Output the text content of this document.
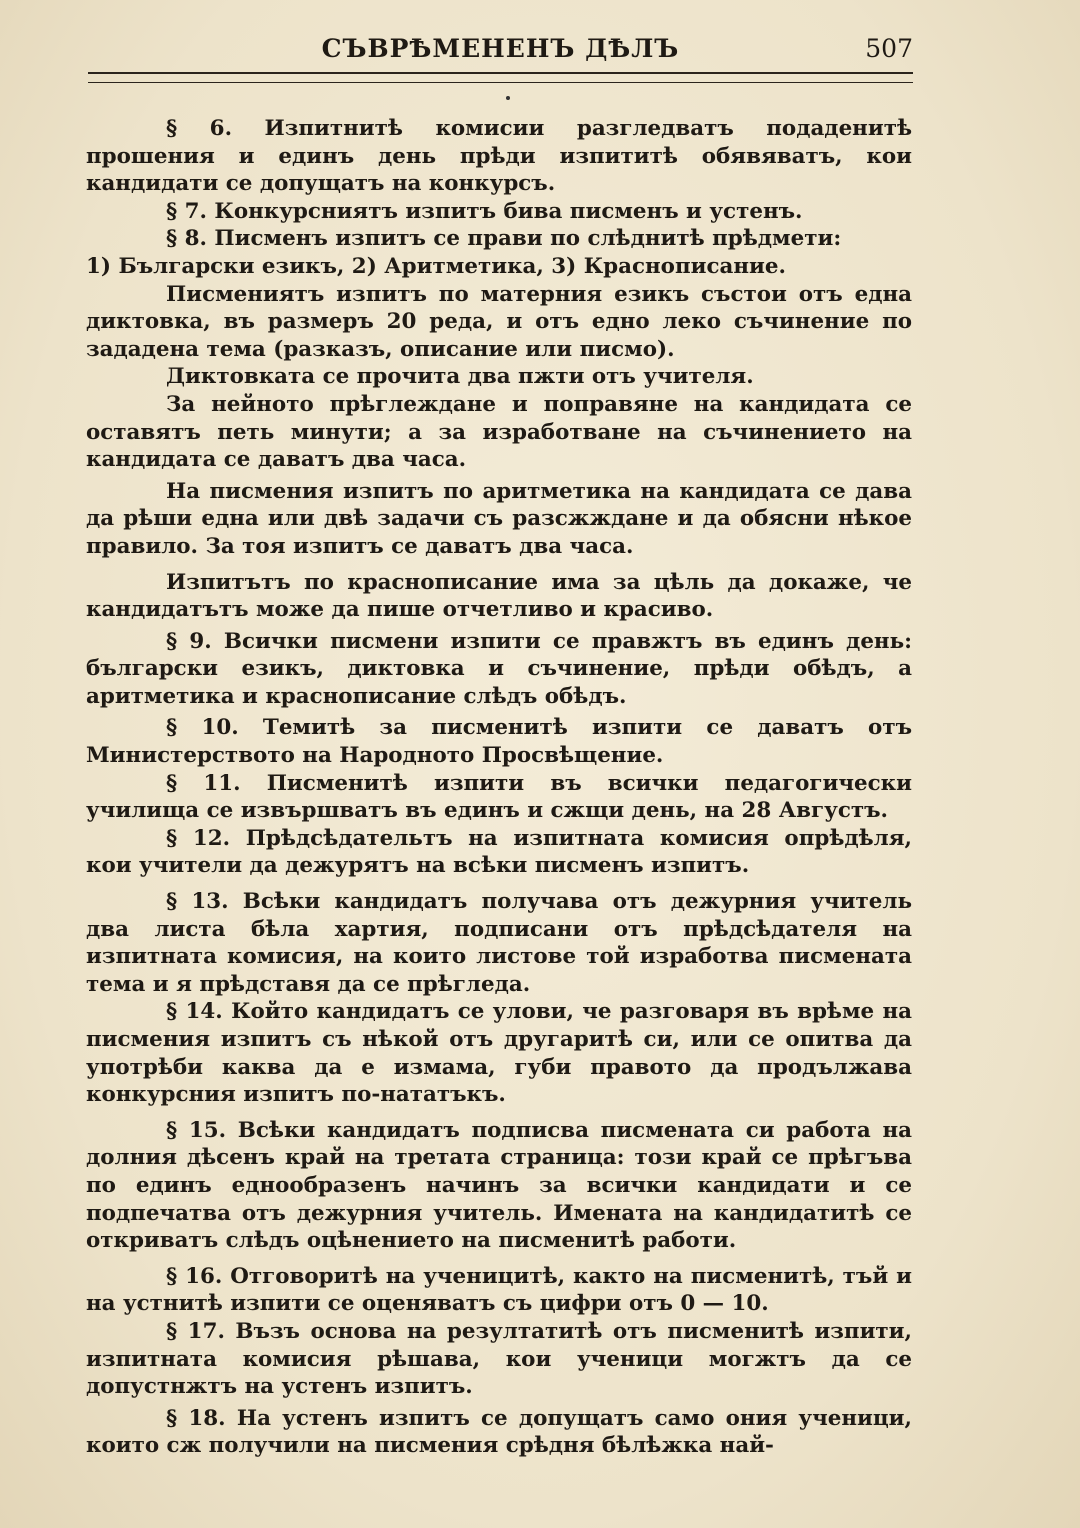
СЪВРѢМЕНЕНЪ ДѢЛЪ	507

§ 6. Изпитнитѣ комисии разгледватъ подаденитѣ прошения и единъ день прѣди изпититѣ обявяватъ, кои кандидати се допущатъ на конкурсъ.

§ 7. Конкурсниятъ изпитъ бива писменъ и устенъ.

§ 8. Писменъ изпитъ се прави по слѣднитѣ прѣдмети:

1) Български езикъ, 2) Аритметика, 3) Краснописание.

Писмениятъ изпитъ по матерния езикъ състои отъ една диктовка, въ размеръ 20 реда, и отъ едно леко съчинение по зададена тема (разказъ, описание или писмо).

Диктовката се прочита два пжти отъ учителя.

За нейното прѣглеждане и поправяне на кандидата се оставятъ петь минути; а за изработване на съчинението на кандидата се даватъ два часа.

На писмения изпитъ по аритметика на кандидата се дава да рѣши една или двѣ задачи съ разсжждане и да обясни нѣкое правило. За тоя изпитъ се даватъ два часа.

Изпитътъ по краснописание има за цѣль да докаже, че кандидатътъ може да пише отчетливо и красиво.

§ 9. Всички писмени изпити се правжтъ въ единъ день: български езикъ, диктовка и съчинение, прѣди обѣдъ, а аритметика и краснописание слѣдъ обѣдъ.

§ 10. Темитѣ за писменитѣ изпити се даватъ отъ Министерството на Народното Просвѣщение.

§ 11. Писменитѣ изпити въ всички педагогически училища се извършватъ въ единъ и сжщи день, на 28 Августъ.

§ 12. Прѣдсѣдательтъ на изпитната комисия опрѣдѣля, кои учители да дежурятъ на всѣки писменъ изпитъ.

§ 13. Всѣки кандидатъ получава отъ дежурния учитель два листа бѣла хартия, подписани отъ прѣдсѣдателя на изпитната комисия, на които листове той изработва писмената тема и я прѣдставя да се прѣгледа.

§ 14. Който кандидатъ се улови, че разговаря въ врѣме на писмения изпитъ съ нѣкой отъ другаритѣ си, или се опитва да употрѣби каква да е измама, губи правото да продължава конкурсния изпитъ по-нататъкъ.

§ 15. Всѣки кандидатъ подписва писмената си работа на долния дѣсенъ край на третата страница: този край се прѣгъва по единъ еднообразенъ начинъ за всички кандидати и се подпечатва отъ дежурния учитель. Имената на кандидатитѣ се откриватъ слѣдъ оцѣнението на писменитѣ работи.

§ 16. Отговоритѣ на ученицитѣ, както на писменитѣ, тъй и на устнитѣ изпити се оценяватъ съ цифри отъ 0 — 10.

§ 17. Възъ основа на резултатитѣ отъ писменитѣ изпити, изпитната комисия рѣшава, кои ученици могжтъ да се допустнжтъ на устенъ изпитъ.

§ 18. На устенъ изпитъ се допущатъ само ония ученици, които сж получили на писмения срѣдня бѣлѣжка най-
